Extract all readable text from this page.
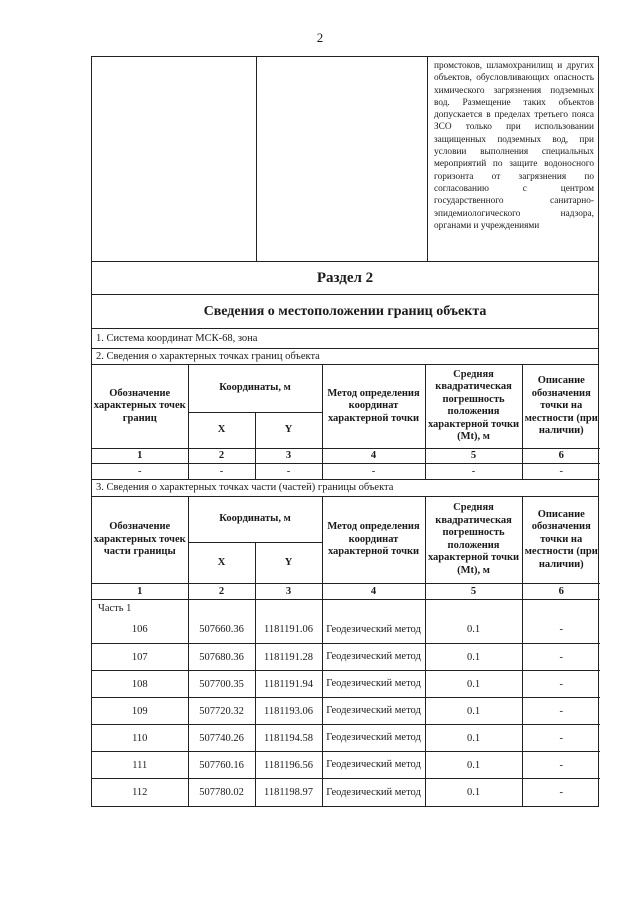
2
промстоков, шламохранилищ и других объектов, обусловливающих опасность химического загрязнения подземных вод. Размещение таких объектов допускается в пределах третьего пояса ЗСО только при использовании защищенных подземных вод, при условии выполнения специальных мероприятий по защите водоносного горизонта от загрязнения по согласованию с центром государственного санитарно-эпидемиологического надзора, органами и учреждениями
Раздел 2
Сведения о местоположении границ объекта
1. Система координат МСК-68, зона
2. Сведения о характерных точках границ объекта
Обозначение характерных точек границ	Координаты, м		Метод определения координат характерной точки	Средняя квадратическая погрешность положения характерной точки (Mt), м	Описание обозначения точки на местности (при наличии)
	X	Y			
1	2	3	4	5	6
-	-	-	-	-	-
3. Сведения о характерных точках части (частей) границы объекта
Обозначение характерных точек части границы	Координаты, м		Метод определения координат характерной точки	Средняя квадратическая погрешность положения характерной точки (Mt), м	Описание обозначения точки на местности (при наличии)
	X	Y			
1	2	3	4	5	6
Часть 1					
106	507660.36	1181191.06	Геодезический метод	0.1	-
107	507680.36	1181191.28	Геодезический метод	0.1	-
108	507700.35	1181191.94	Геодезический метод	0.1	-
109	507720.32	1181193.06	Геодезический метод	0.1	-
110	507740.26	1181194.58	Геодезический метод	0.1	-
111	507760.16	1181196.56	Геодезический метод	0.1	-
112	507780.02	1181198.97	Геодезический метод	0.1	-
